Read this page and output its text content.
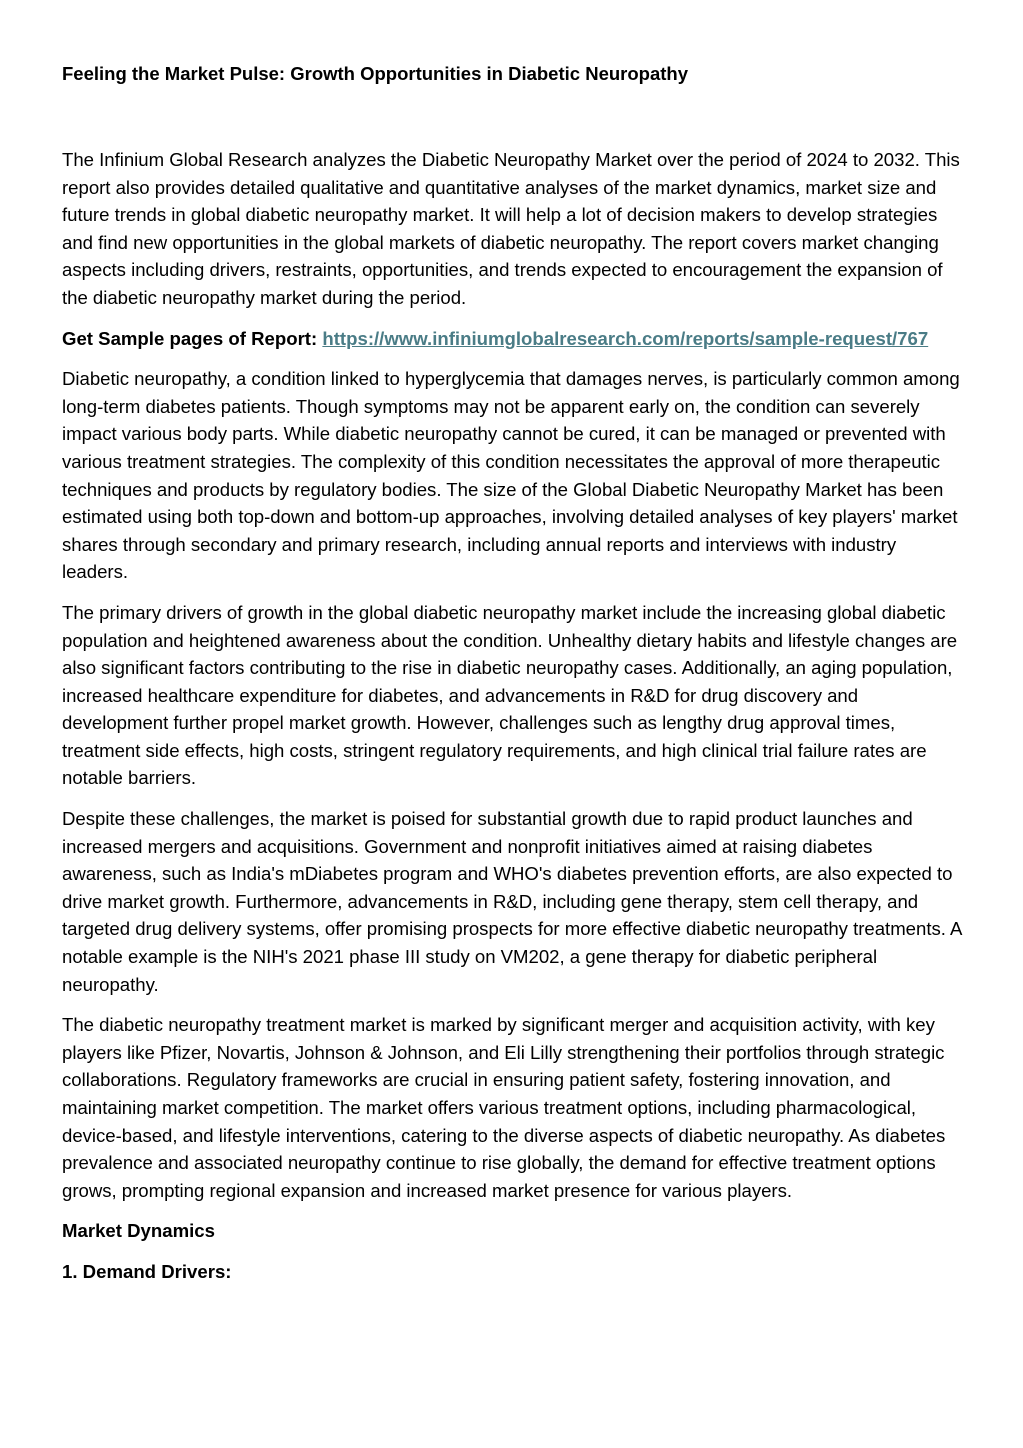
Feeling the Market Pulse: Growth Opportunities in Diabetic Neuropathy

The Infinium Global Research analyzes the Diabetic Neuropathy Market over the period of 2024 to 2032. This report also provides detailed qualitative and quantitative analyses of the market dynamics, market size and future trends in global diabetic neuropathy market. It will help a lot of decision makers to develop strategies and find new opportunities in the global markets of diabetic neuropathy. The report covers market changing aspects including drivers, restraints, opportunities, and trends expected to encouragement the expansion of the diabetic neuropathy market during the period.

Get Sample pages of Report: https://www.infiniumglobalresearch.com/reports/sample-request/767

Diabetic neuropathy, a condition linked to hyperglycemia that damages nerves, is particularly common among long-term diabetes patients. Though symptoms may not be apparent early on, the condition can severely impact various body parts. While diabetic neuropathy cannot be cured, it can be managed or prevented with various treatment strategies. The complexity of this condition necessitates the approval of more therapeutic techniques and products by regulatory bodies. The size of the Global Diabetic Neuropathy Market has been estimated using both top-down and bottom-up approaches, involving detailed analyses of key players' market shares through secondary and primary research, including annual reports and interviews with industry leaders.

The primary drivers of growth in the global diabetic neuropathy market include the increasing global diabetic population and heightened awareness about the condition. Unhealthy dietary habits and lifestyle changes are also significant factors contributing to the rise in diabetic neuropathy cases. Additionally, an aging population, increased healthcare expenditure for diabetes, and advancements in R&D for drug discovery and development further propel market growth. However, challenges such as lengthy drug approval times, treatment side effects, high costs, stringent regulatory requirements, and high clinical trial failure rates are notable barriers.

Despite these challenges, the market is poised for substantial growth due to rapid product launches and increased mergers and acquisitions. Government and nonprofit initiatives aimed at raising diabetes awareness, such as India's mDiabetes program and WHO's diabetes prevention efforts, are also expected to drive market growth. Furthermore, advancements in R&D, including gene therapy, stem cell therapy, and targeted drug delivery systems, offer promising prospects for more effective diabetic neuropathy treatments. A notable example is the NIH's 2021 phase III study on VM202, a gene therapy for diabetic peripheral neuropathy.

The diabetic neuropathy treatment market is marked by significant merger and acquisition activity, with key players like Pfizer, Novartis, Johnson & Johnson, and Eli Lilly strengthening their portfolios through strategic collaborations. Regulatory frameworks are crucial in ensuring patient safety, fostering innovation, and maintaining market competition. The market offers various treatment options, including pharmacological, device-based, and lifestyle interventions, catering to the diverse aspects of diabetic neuropathy. As diabetes prevalence and associated neuropathy continue to rise globally, the demand for effective treatment options grows, prompting regional expansion and increased market presence for various players.

Market Dynamics
1. Demand Drivers:
